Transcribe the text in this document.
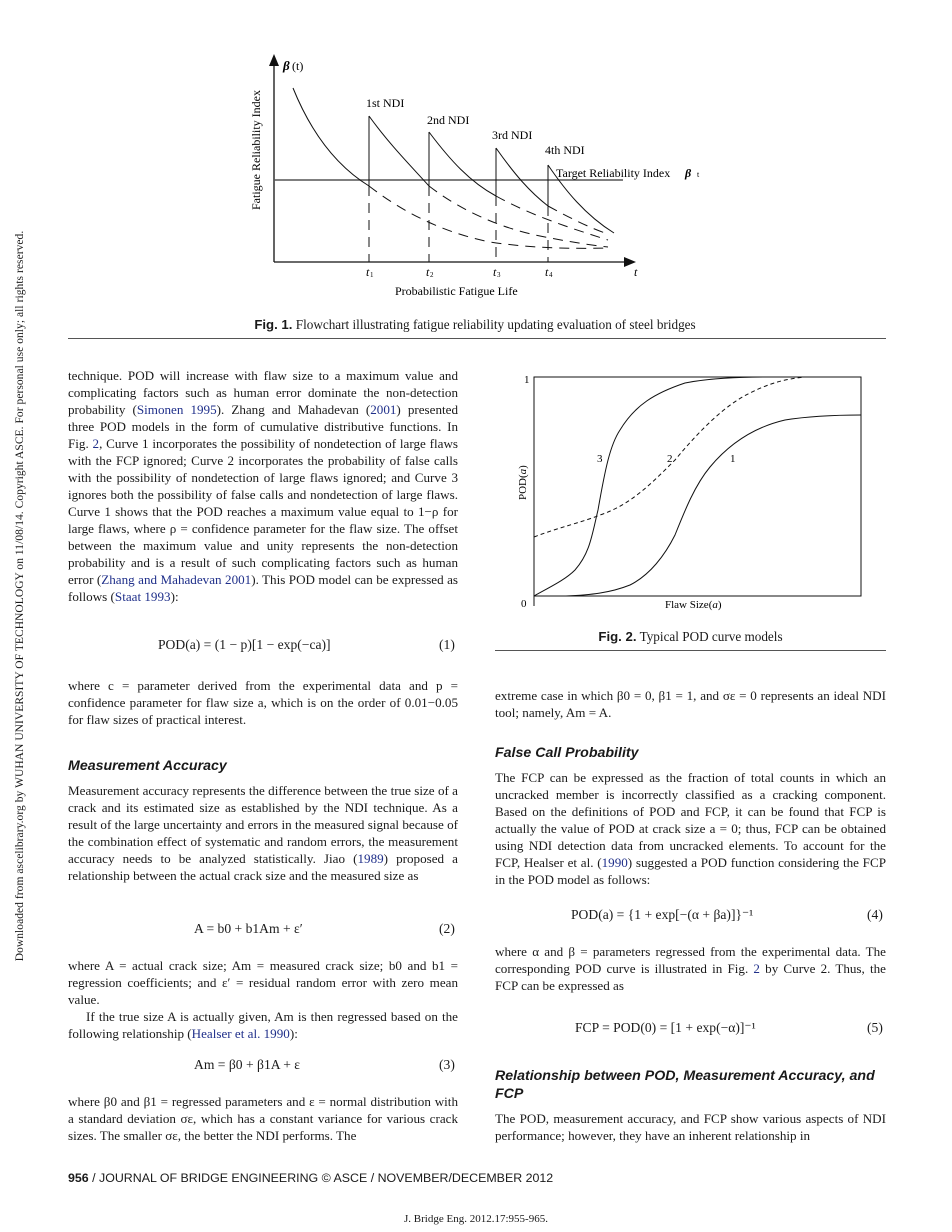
Downloaded from ascelibrary.org by WUHAN UNIVERSITY OF TECHNOLOGY on 11/08/14. Copyright ASCE. For personal use only; all rights reserved.
β (t)
Fatigue Reliability Index	1st NDI
2nd NDI
3rd NDI
4th NDI
Target Reliability Index β t
t 1	t 2	t 3	t 4	t
Probabilistic Fatigue Life
Fig. 1. Flowchart illustrating fatigue reliability updating evaluation of steel bridges
1
0
3	2	1
POD(a)
Flaw Size(a)
Fig. 2. Typical POD curve models

technique. POD will increase with flaw size to a maximum value and complicating factors such as human error dominate the non-detection probability (Simonen 1995). Zhang and Mahadevan (2001) presented three POD models in the form of cumulative distributive functions. In Fig. 2, Curve 1 incorporates the possibility of nondetection of large flaws with the FCP ignored; Curve 2 incorporates the probability of false calls with the possibility of nondetection of large flaws ignored; and Curve 3 ignores both the possibility of false calls and nondetection of large flaws. Curve 1 shows that the POD reaches a maximum value equal to 1−ρ for large flaws, where ρ = confidence parameter for the flaw size. The offset between the maximum value and unity represents the non-detection probability and is a result of such complicating factors such as human error (Zhang and Mahadevan 2001). This POD model can be expressed as follows (Staat 1993):

POD(a) = (1 − p)[1 − exp(−ca)]	(1)

where c = parameter derived from the experimental data and p = confidence parameter for flaw size a, which is on the order of 0.01−0.05 for flaw sizes of practical interest.

Measurement Accuracy

Measurement accuracy represents the difference between the true size of a crack and its estimated size as established by the NDI technique. As a result of the large uncertainty and errors in the measured signal because of the combination effect of systematic and random errors, the measurement accuracy needs to be analyzed statistically. Jiao (1989) proposed a relationship between the actual crack size and the measured size as

A = b0 + b1Am + ε′	(2)

where A = actual crack size; Am = measured crack size; b0 and b1 = regression coefficients; and ε′ = residual random error with zero mean value.

If the true size A is actually given, Am is then regressed based on the following relationship (Healser et al. 1990):

Am = β0 + β1A + ε	(3)

where β0 and β1 = regressed parameters and ε = normal distribution with a standard deviation σε, which has a constant variance for various crack sizes. The smaller σε, the better the NDI performs. The

extreme case in which β0 = 0, β1 = 1, and σε = 0 represents an ideal NDI tool; namely, Am = A.

False Call Probability

The FCP can be expressed as the fraction of total counts in which an uncracked member is incorrectly classified as a cracking component. Based on the definitions of POD and FCP, it can be found that FCP is actually the value of POD at crack size a = 0; thus, FCP can be obtained using NDI detection data from uncracked elements. To account for the FCP, Healser et al. (1990) suggested a POD function considering the FCP in the POD model as follows:

POD(a) = {1 + exp[−(α + βa)]}⁻¹	(4)

where α and β = parameters regressed from the experimental data. The corresponding POD curve is illustrated in Fig. 2 by Curve 2. Thus, the FCP can be expressed as

FCP = POD(0) = [1 + exp(−α)]⁻¹	(5)

Relationship between POD, Measurement Accuracy, and FCP

The POD, measurement accuracy, and FCP show various aspects of NDI performance; however, they have an inherent relationship in

956 / JOURNAL OF BRIDGE ENGINEERING © ASCE / NOVEMBER/DECEMBER 2012
J. Bridge Eng. 2012.17:955-965.
